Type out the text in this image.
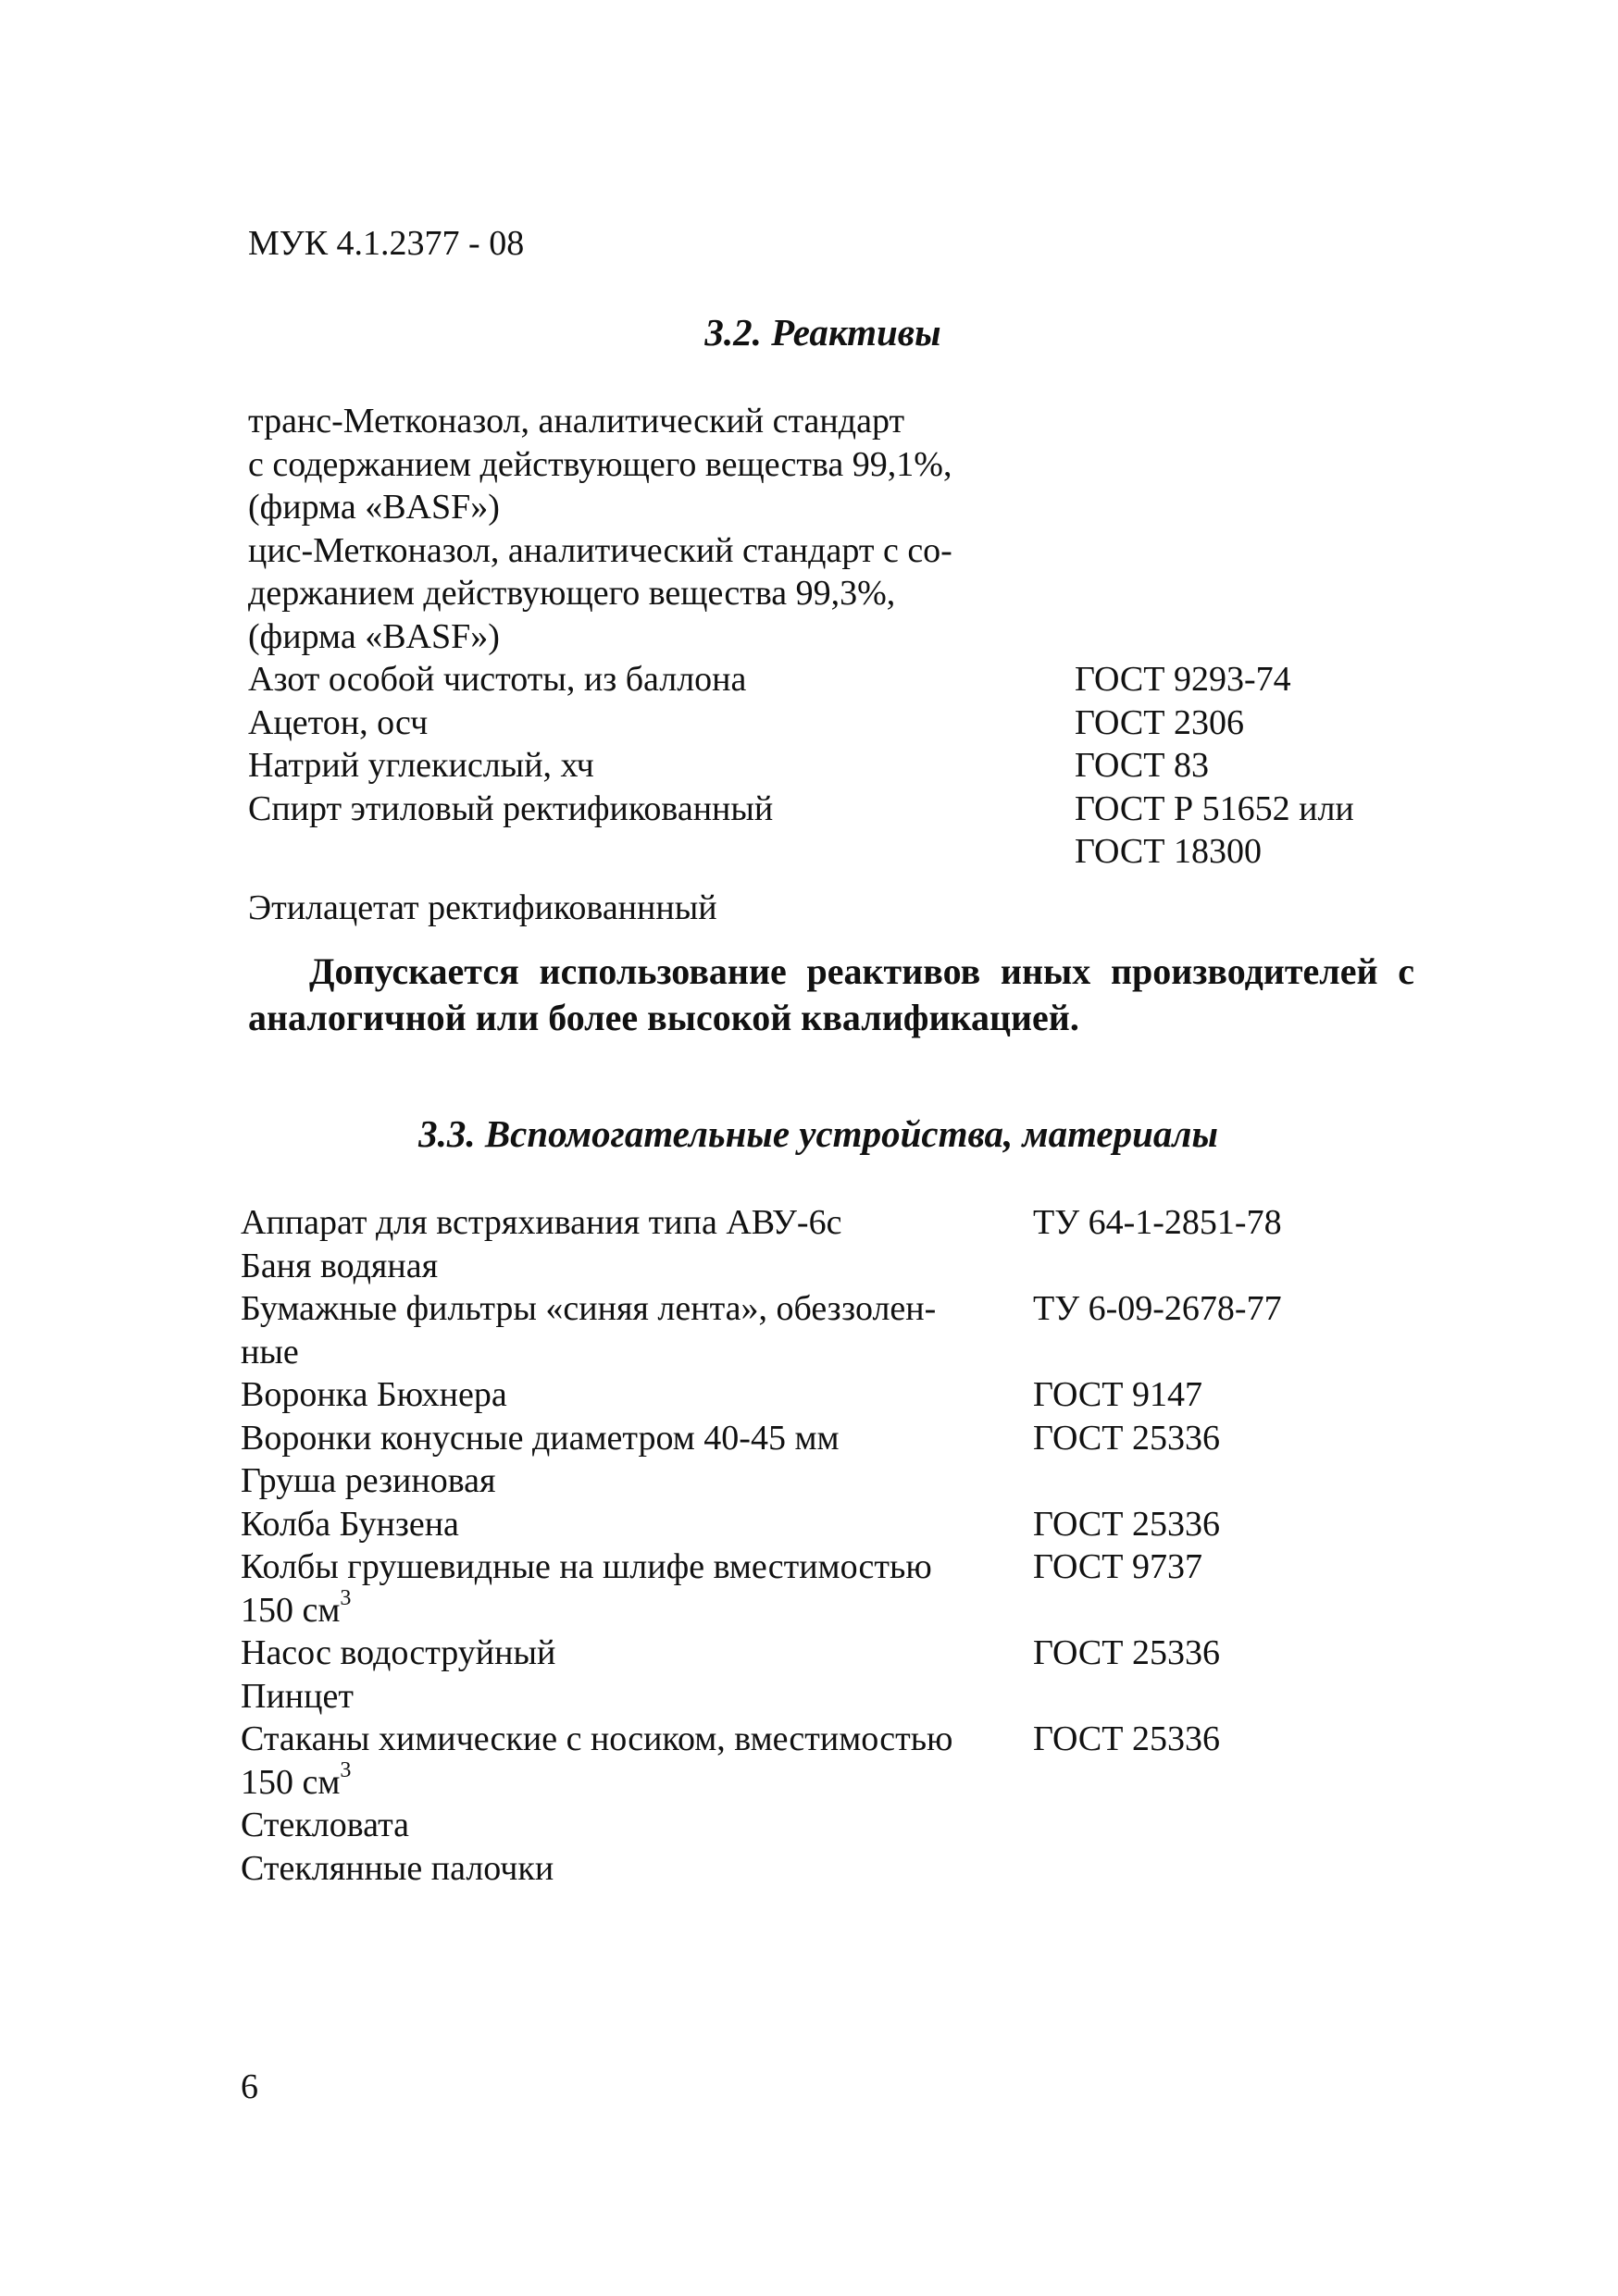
МУК 4.1.2377 - 08
3.2. Реактивы
транс-Метконазол, аналитический стандарт
с содержанием действующего вещества 99,1%,
(фирма «BASF»)
цис-Метконазол, аналитический стандарт с со-
держанием действующего вещества 99,3%,
(фирма «BASF»)
Азот особой чистоты, из баллона	ГОСТ 9293-74
Ацетон, осч	ГОСТ 2306
Натрий углекислый, хч	ГОСТ 83
Спирт этиловый ректификованный	ГОСТ Р 51652 или
ГОСТ 18300
Этилацетат ректификованнный
Допускается использование реактивов иных производителей с аналогичной или более высокой квалификацией.
3.3. Вспомогательные устройства, материалы
Аппарат для встряхивания типа АВУ-6с	ТУ 64-1-2851-78
Баня водяная
Бумажные фильтры «синяя лента», обеззолен-	ТУ 6-09-2678-77
ные
Воронка Бюхнера	ГОСТ 9147
Воронки конусные диаметром 40-45 мм	ГОСТ 25336
Груша резиновая
Колба Бунзена	ГОСТ 25336
Колбы грушевидные на шлифе вместимостью	ГОСТ 9737
150 $см^3$
Насос водоструйный	ГОСТ 25336
Пинцет
Стаканы химические с носиком, вместимостью	ГОСТ 25336
150 $см^3$
Стекловата
Стеклянные палочки
6
